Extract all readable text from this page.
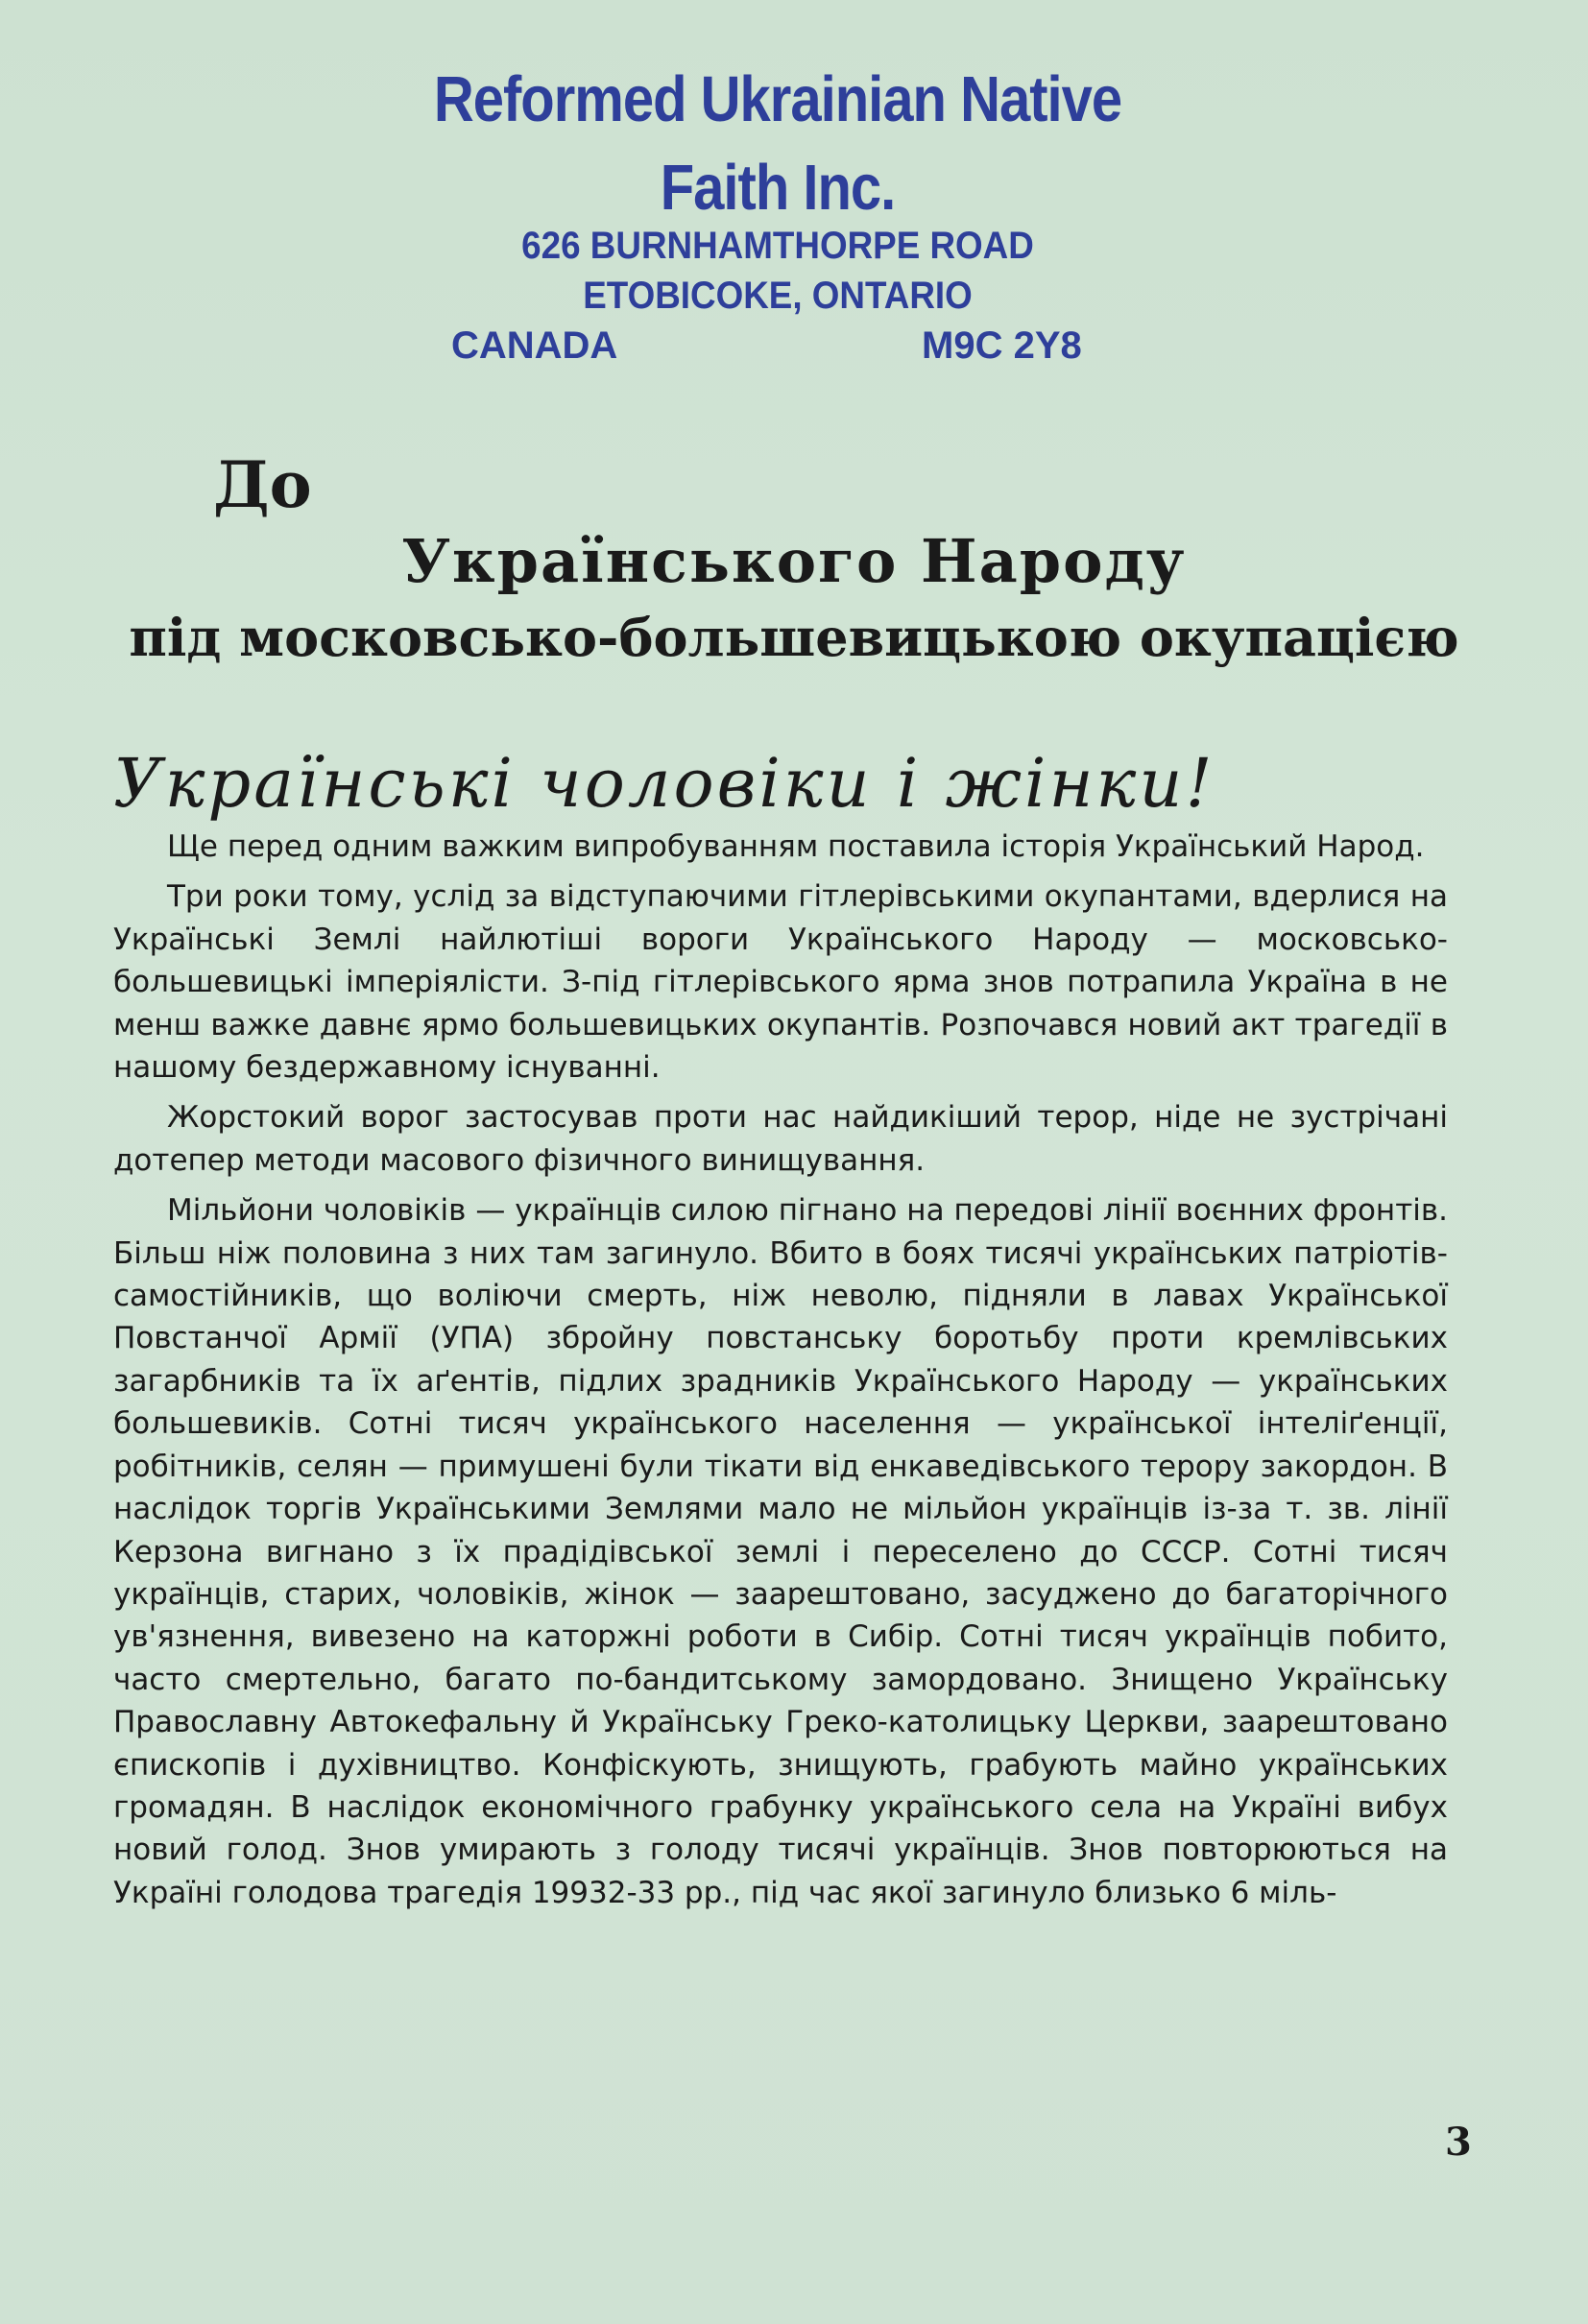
Reformed Ukrainian Native Faith Inc.
626 BURNHAMTHORPE ROAD
ETOBICOKE, ONTARIO
CANADA	M9C 2Y8
До
Українського Народу
під московсько-большевицькою окупацією
Українські чоловіки і жінки!

Ще перед одним важким випробуванням поставила історія Український Народ.

Три роки тому, услід за відступаючими гітлерівськими окупантами, вдерлися на Українські Землі найлютіші вороги Українського Народу — московсько-большевицькі імперіялісти. З-під гітлерівського ярма знов потрапила Україна в не менш важке давнє ярмо большевицьких окупантів. Розпочався новий акт трагедії в нашому бездержавному існуванні.

Жорстокий ворог застосував проти нас найдикіший терор, ніде не зустрічані дотепер методи масового фізичного винищування.

Мільйони чоловіків — українців силою пігнано на передові лінії воєнних фронтів. Більш ніж половина з них там загинуло. Вбито в боях тисячі українських патріотів-самостійників, що воліючи смерть, ніж неволю, підняли в лавах Української Повстанчої Армії (УПА) збройну повстанську боротьбу проти кремлівських загарбників та їх аґентів, підлих зрадників Українського Народу — українських большевиків. Сотні тисяч українського населення — української інтеліґенції, робітників, селян — примушені були тікати від енкаведівського терору закордон. В наслідок торгів Українськими Землями мало не мільйон українців із-за т. зв. лінії Керзона вигнано з їх прадідівської землі і переселено до СССР. Сотні тисяч українців, старих, чоловіків, жінок — заарештовано, засуджено до багаторічного ув'язнення, вивезено на каторжні роботи в Сибір. Сотні тисяч українців побито, часто смертельно, багато по-бандитському замордовано. Знищено Українську Православну Автокефальну й Українську Греко-католицьку Церкви, заарештовано єпископів і духівництво. Конфіскують, знищують, грабують майно українських громадян. В наслідок економічного грабунку українського села на Україні вибух новий голод. Знов умирають з голоду тисячі українців. Знов повторюються на Україні голодова трагедія 19932-33 рр., під час якої загинуло близько 6 міль-

3
